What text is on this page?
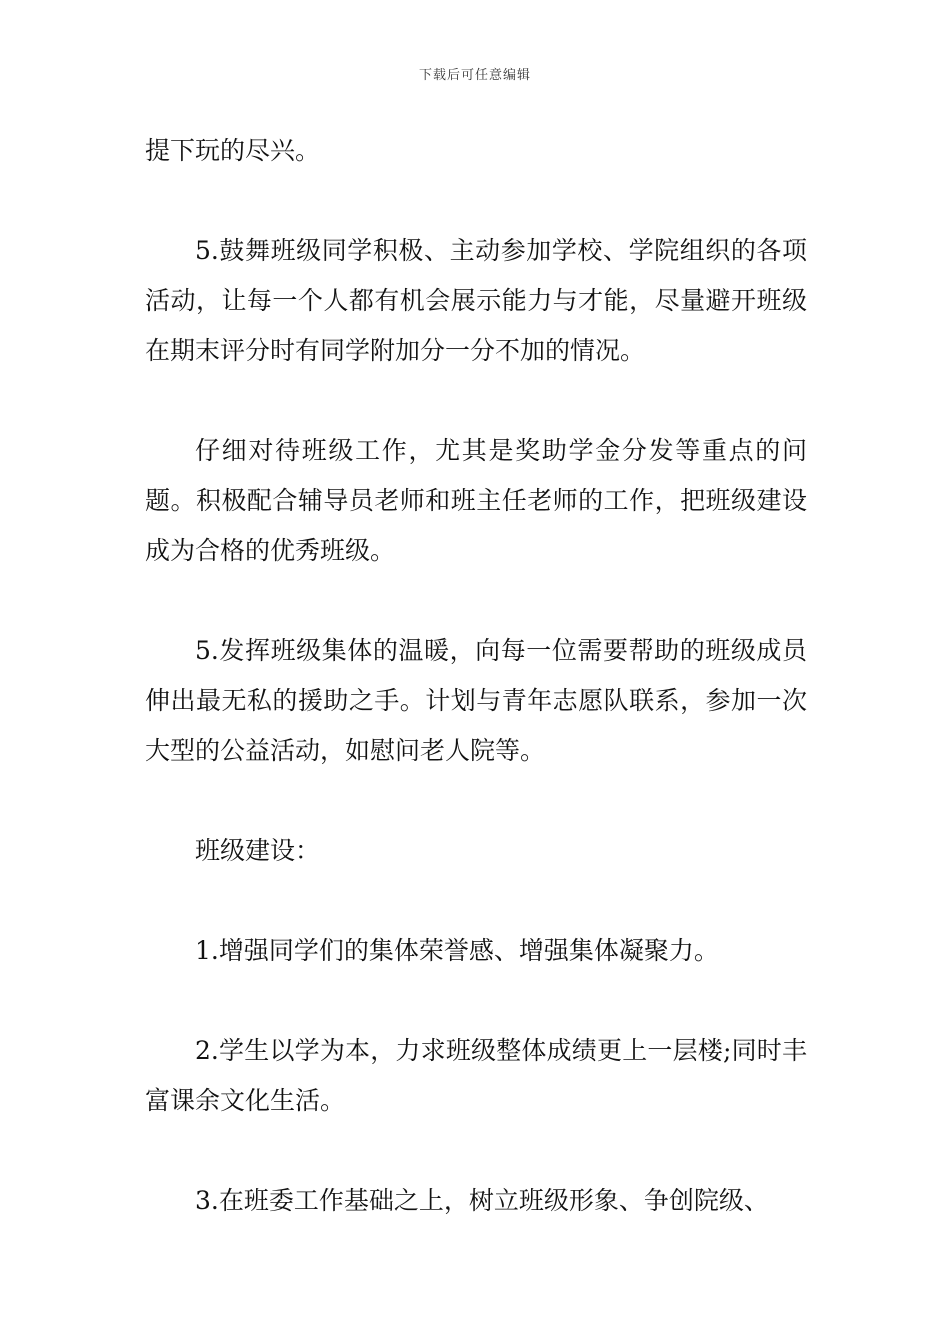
下载后可任意编辑

提下玩的尽兴。

5.鼓舞班级同学积极、主动参加学校、学院组织的各项活动，让每一个人都有机会展示能力与才能，尽量避开班级在期末评分时有同学附加分一分不加的情况。

仔细对待班级工作，尤其是奖助学金分发等重点的问题。积极配合辅导员老师和班主任老师的工作，把班级建设成为合格的优秀班级。

5.发挥班级集体的温暖，向每一位需要帮助的班级成员伸出最无私的援助之手。计划与青年志愿队联系，参加一次大型的公益活动，如慰问老人院等。

班级建设：

1.增强同学们的集体荣誉感、增强集体凝聚力。

2.学生以学为本，力求班级整体成绩更上一层楼;同时丰富课余文化生活。

3.在班委工作基础之上，树立班级形象、争创院级、
